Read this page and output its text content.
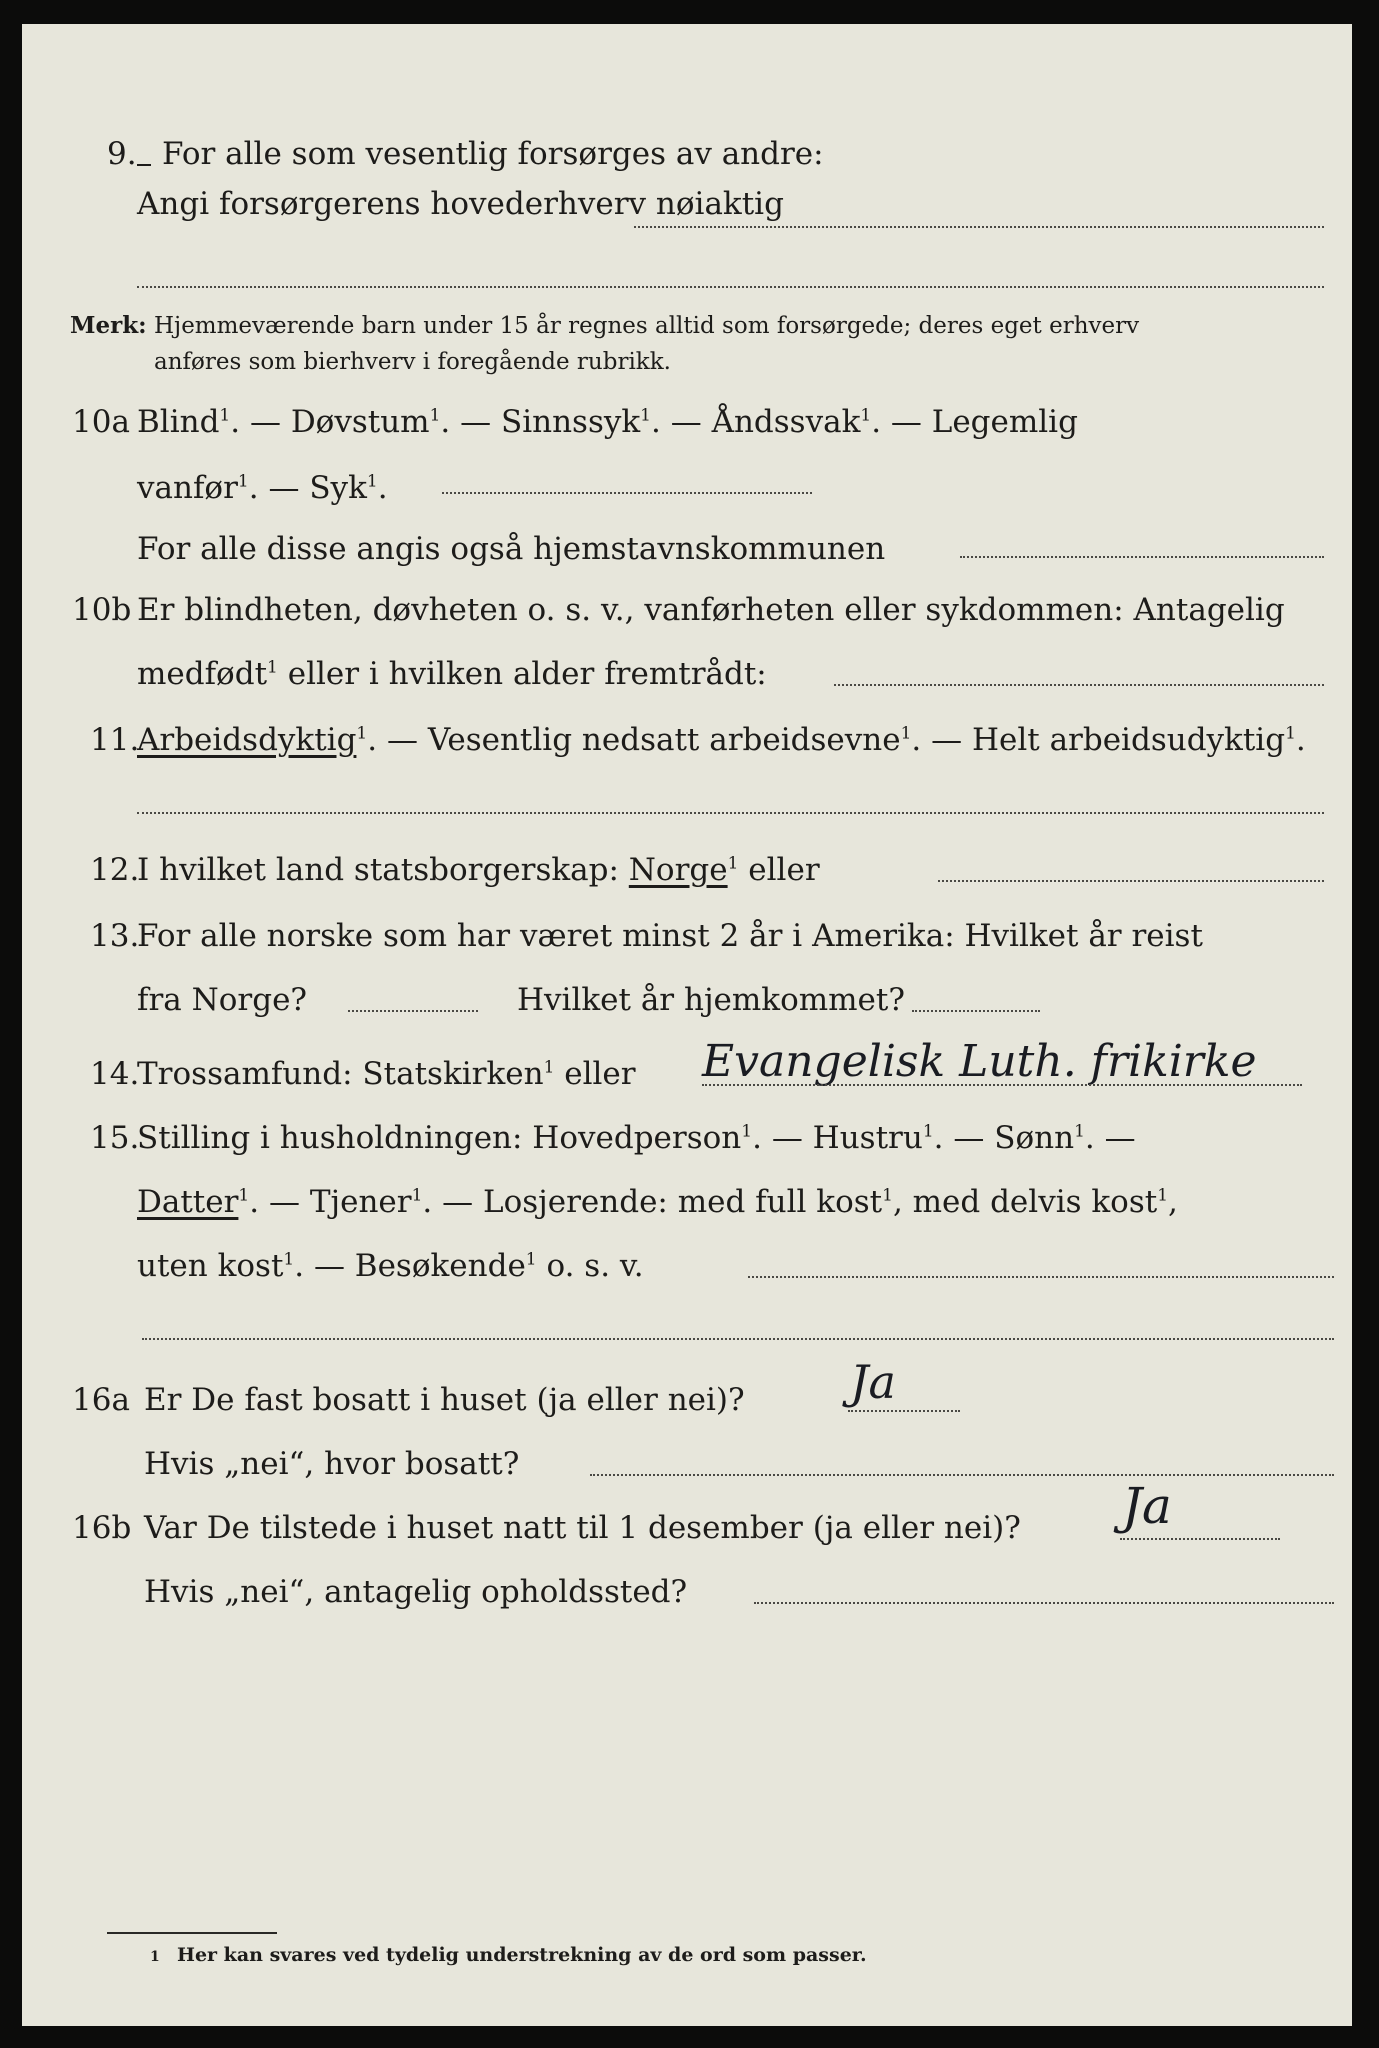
9. For alle som vesentlig forsørges av andre:
Angi forsørgerens hovederhverv nøiaktig
Merk: Hjemmeværende barn under 15 år regnes alltid som forsørgede; deres eget erhverv
anføres som bierhverv i foregående rubrikk.
10a Blind$^1$. — Døvstum$^1$. — Sinnssyk$^1$. — Åndssvak$^1$. — Legemlig
vanfør$^1$. — Syk$^1$.
For alle disse angis også hjemstavnskommunen
10b Er blindheten, døvheten o. s. v., vanførheten eller sykdommen: Antagelig
medfødt$^1$ eller i hvilken alder fremtrådt:
11.
Arbeidsdyktig$^1$. — Vesentlig nedsatt arbeidsevne$^1$. — Helt arbeidsudyktig$^1$.
12.
I hvilket land statsborgerskap: Norge$^1$ eller
13.
For alle norske som har været minst 2 år i Amerika: Hvilket år reist
fra Norge?	Hvilket år hjemkommet?
14.
Trossamfund: Statskirken$^1$ eller Evangelisk Luth. frikirke
15.
Stilling i husholdningen: Hovedperson$^1$. — Hustru$^1$. — Sønn$^1$. —
Datter$^1$. — Tjener$^1$. — Losjerende: med full kost$^1$, med delvis kost$^1$,
uten kost$^1$. — Besøkende$^1$ o. s. v.
16a Er De fast bosatt i huset (ja eller nei)? Ja
Hvis „nei“, hvor bosatt?
16b Var De tilstede i huset natt til 1 desember (ja eller nei)? Ja
Hvis „nei“, antagelig opholdssted?
1 Her kan svares ved tydelig understrekning av de ord som passer.
